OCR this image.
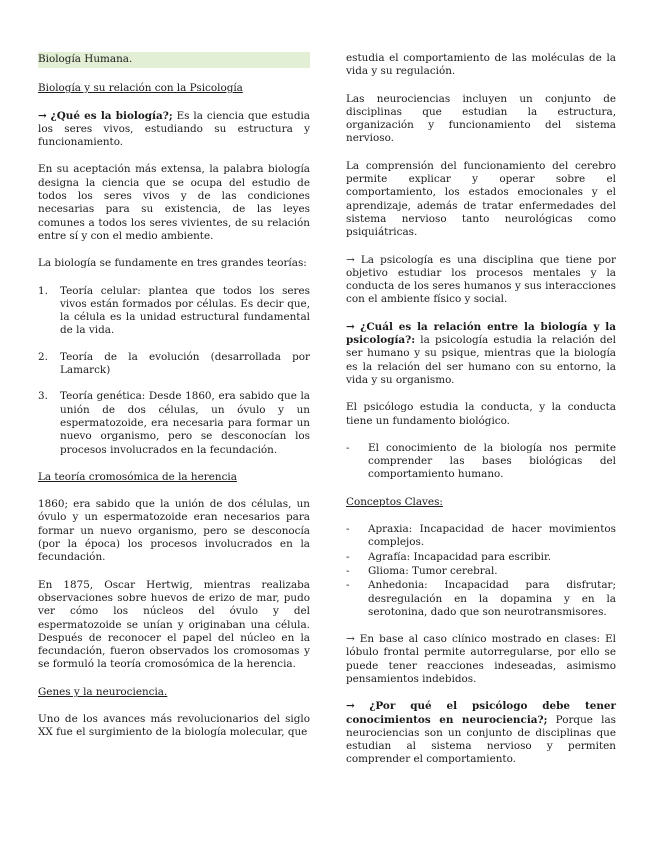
Biología Humana.

Biología y su relación con la Psicología

→ ¿Qué es la biología?; Es la ciencia que estudia los seres vivos, estudiando su estructura y funcionamiento.

En su aceptación más extensa, la palabra biología designa la ciencia que se ocupa del estudio de todos los seres vivos y de las condiciones necesarias para su existencia, de las leyes comunes a todos los seres vivientes, de su relación entre sí y con el medio ambiente.

La biología se fundamente en tres grandes teorías:

1. Teoría celular: plantea que todos los seres vivos están formados por células. Es decir que, la célula es la unidad estructural fundamental de la vida.
2. Teoría de la evolución (desarrollada por Lamarck)
3. Teoría genética: Desde 1860, era sabido que la unión de dos células, un óvulo y un espermatozoide, era necesaria para formar un nuevo organismo, pero se desconocían los procesos involucrados en la fecundación.

La teoría cromosómica de la herencia

1860; era sabido que la unión de dos células, un óvulo y un espermatozoide eran necesarios para formar un nuevo organismo, pero se desconocía (por la época) los procesos involucrados en la fecundación.

En 1875, Oscar Hertwig, mientras realizaba observaciones sobre huevos de erizo de mar, pudo ver cómo los núcleos del óvulo y del espermatozoide se unían y originaban una célula. Después de reconocer el papel del núcleo en la fecundación, fueron observados los cromosomas y se formuló la teoría cromosómica de la herencia.

Genes y la neurociencia.

Uno de los avances más revolucionarios del siglo XX fue el surgimiento de la biología molecular, que

estudia el comportamiento de las moléculas de la vida y su regulación.

Las neurociencias incluyen un conjunto de disciplinas que estudian la estructura, organización y funcionamiento del sistema nervioso.

La comprensión del funcionamiento del cerebro permite explicar y operar sobre el comportamiento, los estados emocionales y el aprendizaje, además de tratar enfermedades del sistema nervioso tanto neurológicas como psiquiátricas.

→ La psicología es una disciplina que tiene por objetivo estudiar los procesos mentales y la conducta de los seres humanos y sus interacciones con el ambiente físico y social.

→ ¿Cuál es la relación entre la biología y la psicología?: la psicología estudia la relación del ser humano y su psique, mientras que la biología es la relación del ser humano con su entorno, la vida y su organismo.

El psicólogo estudia la conducta, y la conducta tiene un fundamento biológico.

- El conocimiento de la biología nos permite comprender las bases biológicas del comportamiento humano.

Conceptos Claves:

- Apraxia: Incapacidad de hacer movimientos complejos.
- Agrafía: Incapacidad para escribir.
- Glioma: Tumor cerebral.
- Anhedonia: Incapacidad para disfrutar; desregulación en la dopamina y en la serotonina, dado que son neurotransmisores.

→ En base al caso clínico mostrado en clases: El lóbulo frontal permite autorregularse, por ello se puede tener reacciones indeseadas, asimismo pensamientos indebidos.

→ ¿Por qué el psicólogo debe tener conocimientos en neurociencia?; Porque las neurociencias son un conjunto de disciplinas que estudian al sistema nervioso y permiten comprender el comportamiento.
